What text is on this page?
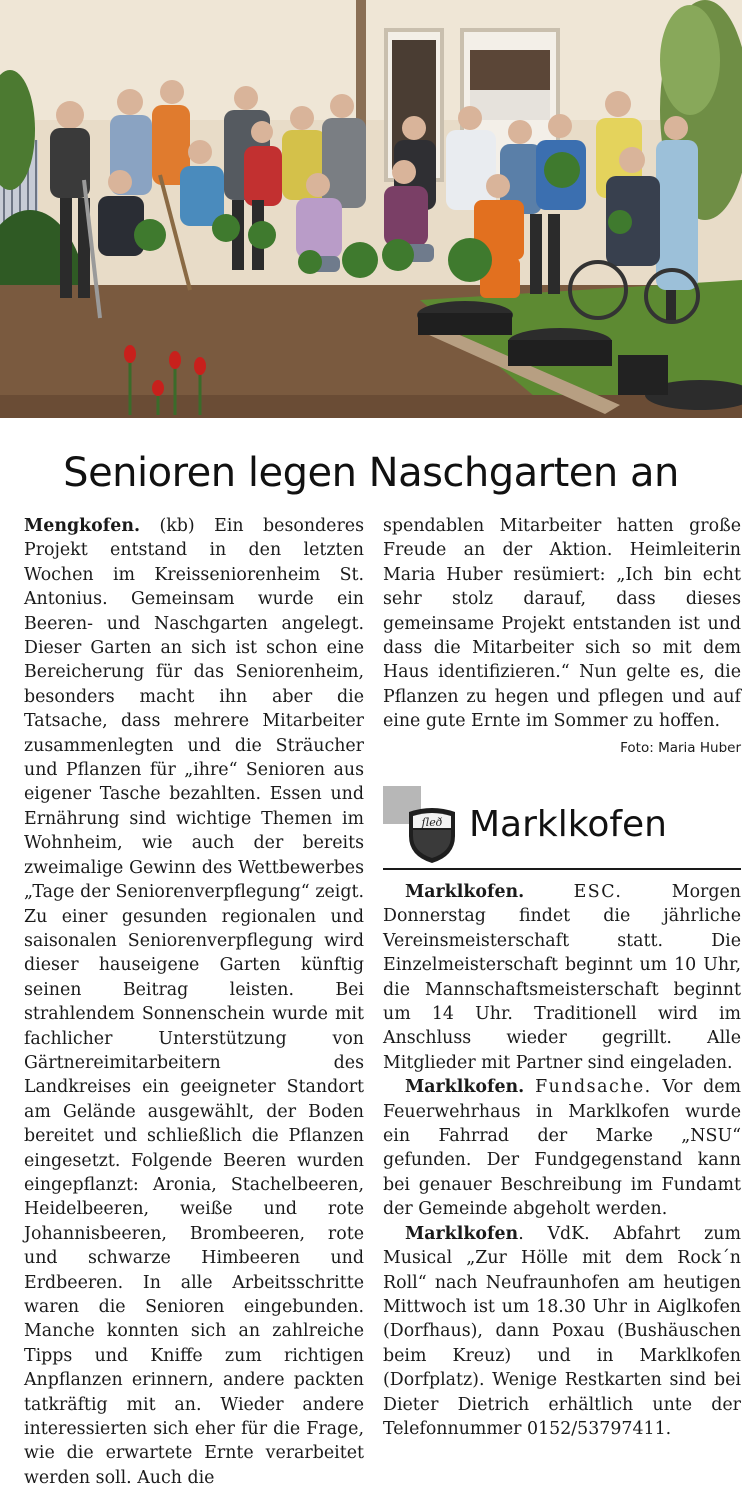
Senioren legen Naschgarten an

Mengkofen. (kb) Ein besonderes Projekt entstand in den letzten Wochen im Kreisseniorenheim St. Antonius. Gemeinsam wurde ein Beeren- und Naschgarten angelegt. Dieser Garten an sich ist schon eine Bereicherung für das Seniorenheim, besonders macht ihn aber die Tatsache, dass mehrere Mitarbeiter zusammenlegten und die Sträucher und Pflanzen für „ihre“ Senioren aus eigener Tasche bezahlten. Essen und Ernährung sind wichtige Themen im Wohnheim, wie auch der bereits zweimalige Gewinn des Wettbewerbes „Tage der Seniorenverpflegung“ zeigt. Zu einer gesunden regionalen und saisonalen Seniorenverpflegung wird dieser hauseigene Garten künftig seinen Beitrag leisten. Bei strahlendem Sonnenschein wurde mit fachlicher Unterstützung von Gärtnereimitarbeitern des Landkreises ein geeigneter Standort am Gelände ausgewählt, der Boden bereitet und schließlich die Pflanzen eingesetzt. Folgende Beeren wurden eingepflanzt: Aronia, Stachelbeeren, Heidelbeeren, weiße und rote Johannisbeeren, Brombeeren, rote und schwarze Himbeeren und Erdbeeren. In alle Arbeitsschritte waren die Senioren eingebunden. Manche konnten sich an zahlreiche Tipps und Kniffe zum richtigen Anpflanzen erinnern, andere packten tatkräftig mit an. Wieder andere interessierten sich eher für die Frage, wie die erwartete Ernte verarbeitet werden soll. Auch die

spendablen Mitarbeiter hatten große Freude an der Aktion. Heimleiterin Maria Huber resümiert: „Ich bin echt sehr stolz darauf, dass dieses gemeinsame Projekt entstanden ist und dass die Mitarbeiter sich so mit dem Haus identifizieren.“ Nun gelte es, die Pflanzen zu hegen und pflegen und auf eine gute Ernte im Sommer zu hoffen.
Foto: Maria Huber

ſleð Marklkofen

Marklkofen.	ESC. Morgen Donnerstag findet die jährliche Vereinsmeisterschaft statt. Die Einzelmeisterschaft beginnt um 10 Uhr, die Mannschaftsmeisterschaft beginnt um 14 Uhr. Traditionell wird im Anschluss wieder gegrillt. Alle Mitglieder mit Partner sind eingeladen.

Marklkofen. Fundsache. Vor dem Feuerwehrhaus in Marklkofen wurde ein Fahrrad der Marke „NSU“ gefunden. Der Fundgegenstand kann bei genauer Beschreibung im Fundamt der Gemeinde abgeholt werden.

Marklkofen. VdK. Abfahrt zum Musical „Zur Hölle mit dem Rock´n Roll“ nach Neufraunhofen am heutigen Mittwoch ist um 18.30 Uhr in Aiglkofen (Dorfhaus), dann Poxau (Bushäuschen beim Kreuz) und in Marklkofen (Dorfplatz). Wenige Restkarten sind bei Dieter Dietrich erhältlich unte der Telefonnummer 0152/53797411.
